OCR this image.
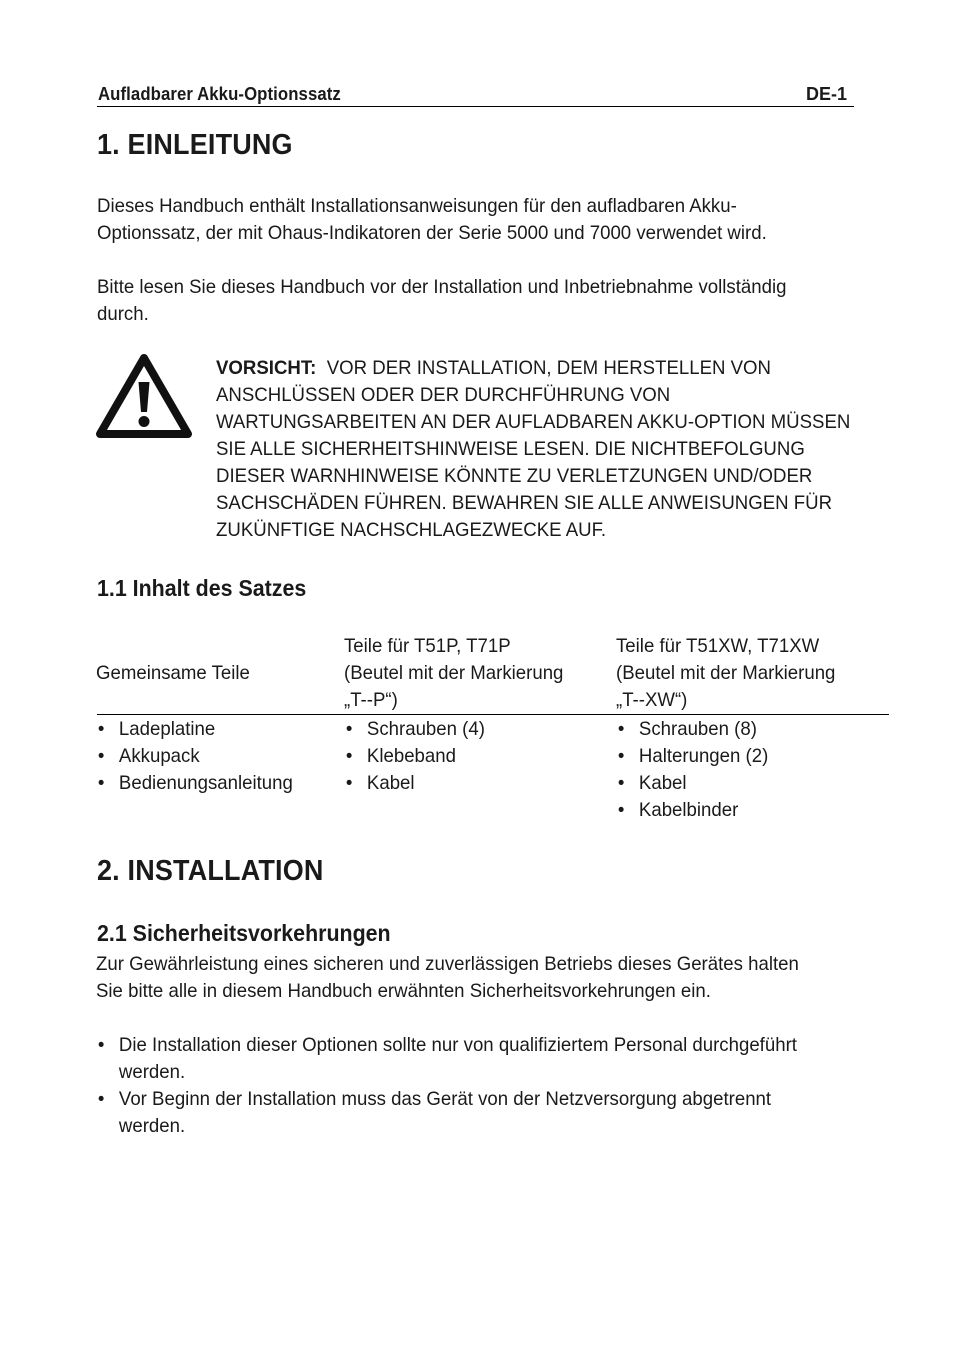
Aufladbarer Akku-Optionssatz	DE-1
1. EINLEITUNG
Dieses Handbuch enthält Installationsanweisungen für den aufladbaren Akku-
Optionssatz, der mit Ohaus-Indikatoren der Serie 5000 und 7000 verwendet wird.
Bitte lesen Sie dieses Handbuch vor der Installation und Inbetriebnahme vollständig
durch.
VORSICHT: VOR DER INSTALLATION, DEM HERSTELLEN VON
ANSCHLÜSSEN ODER DER DURCHFÜHRUNG VON
WARTUNGSARBEITEN AN DER AUFLADBAREN AKKU-OPTION MÜSSEN
SIE ALLE SICHERHEITSHINWEISE LESEN. DIE NICHTBEFOLGUNG
DIESER WARNHINWEISE KÖNNTE ZU VERLETZUNGEN UND/ODER
SACHSCHÄDEN FÜHREN. BEWAHREN SIE ALLE ANWEISUNGEN FÜR
ZUKÜNFTIGE NACHSCHLAGEZWECKE AUF.
1.1 Inhalt des Satzes
Gemeinsame Teile
Teile für T51P, T71P
(Beutel mit der Markierung
„T--P“)
Teile für T51XW, T71XW
(Beutel mit der Markierung
„T--XW“)
• Ladeplatine
• Akkupack
• Bedienungsanleitung
• Schrauben (4)
• Klebeband
• Kabel
• Schrauben (8)
• Halterungen (2)
• Kabel
• Kabelbinder
2. INSTALLATION
2.1 Sicherheitsvorkehrungen
Zur Gewährleistung eines sicheren und zuverlässigen Betriebs dieses Gerätes halten
Sie bitte alle in diesem Handbuch erwähnten Sicherheitsvorkehrungen ein.
• Die Installation dieser Optionen sollte nur von qualifiziertem Personal durchgeführt
werden.
• Vor Beginn der Installation muss das Gerät von der Netzversorgung abgetrennt
werden.
